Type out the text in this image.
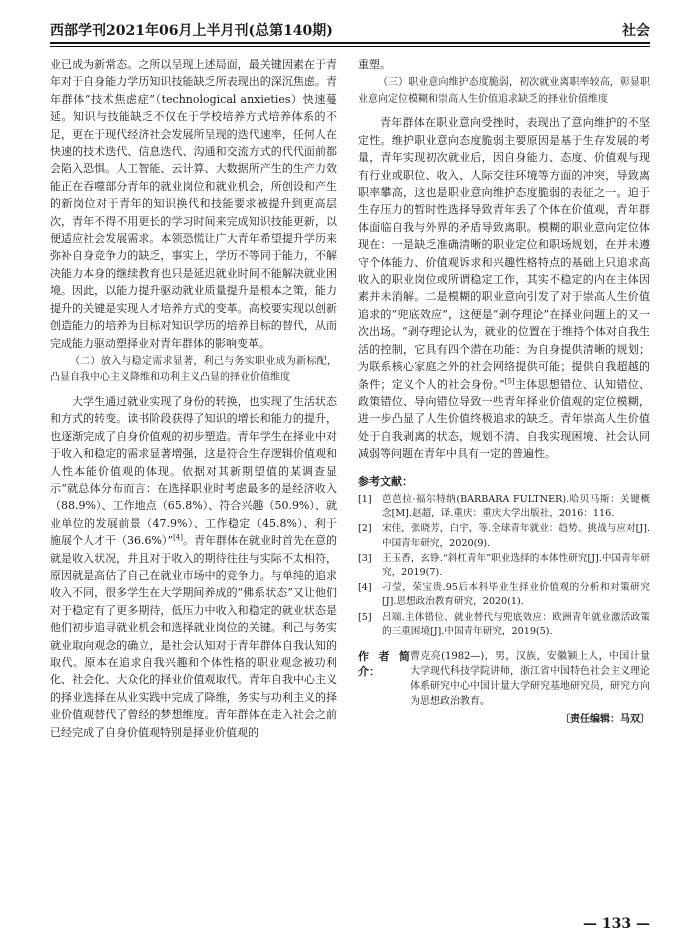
西部学刊2021年06月上半月刊(总第140期)	社会

业已成为新常态。之所以呈现上述局面，最关键因素在于青年对于自身能力学历知识技能缺乏所表现出的深沉焦虑。青年群体“技术焦虑症”（technological anxieties）快速蔓延。知识与技能缺乏不仅在于学校培养方式培养体系的不足，更在于现代经济社会发展所呈现的迭代速率，任何人在快速的技术迭代、信息迭代、沟通和交流方式的代代面前都会陷入恐惧。人工智能、云计算、大数据所产生的生产力效能正在吞噬部分青年的就业岗位和就业机会，所创设和产生的新岗位对于青年的知识换代和技能要求被提升到更高层次，青年不得不用更长的学习时间来完成知识技能更新，以便适应社会发展需求。本领恐慌让广大青年希望提升学历来弥补自身竞争力的缺乏，事实上，学历不等同于能力，不解决能力本身的继续教育也只是延迟就业时间不能解决就业困境。因此，以能力提升驱动就业质量提升是根本之策，能力提升的关键是实现人才培养方式的变革。高校要实现以创新创造能力的培养为目标对知识学历的培养目标的替代，从而完成能力驱动塑择业对青年群体的影响变革。

（二）放入与稳定需求显著，利己与务实职业成为新标配，凸显自我中心主义降维和功利主义凸显的择业价值维度

大学生通过就业实现了身份的转换，也实现了生活状态和方式的转变。读书阶段获得了知识的增长和能力的提升，也逐渐完成了自身价值观的初步塑造。青年学生在择业中对于收入和稳定的需求显著增强，这是符合生存逻辑价值观和人性本能价值观的体现。依据对其新期望值的某调查显示“就总体分布而言：在选择职业时考虑最多的是经济收入（88.9%）、工作地点（65.8%）、符合兴趣（50.9%）、就业单位的发展前景（47.9%）、工作稳定（45.8%）、利于施展个人才干（36.6%）”[4]。青年群体在就业时首先在意的就是收入状况，并且对于收入的期待往往与实际不太相符，原因就是高估了自己在就业市场中的竞争力。与单纯的追求收入不同，很多学生在大学期间养成的“佛系状态”又让他们对于稳定有了更多期待，低压力中收入和稳定的就业状态是他们初步追寻就业机会和选择就业岗位的关键。利己与务实就业取向观念的确立，是社会认知对于青年群体自我认知的取代。原本在追求自我兴趣和个体性格的职业观念被功利化、社会化、大众化的择业价值观取代。青年自我中心主义的择业选择在从业实践中完成了降维，务实与功利主义的择业价值观替代了曾经的梦想维度。青年群体在走入社会之前已经完成了自身价值观特别是择业价值观的

重塑。

（三）职业意向维护态度脆弱，初次就业离职率较高，彰显职业意向定位模糊和崇高人生价值追求缺乏的择业价值维度

青年群体在职业意向受挫时，表现出了意向维护的不坚定性。维护职业意向态度脆弱主要原因是基于生存发展的考量，青年实现初次就业后，因自身能力、态度、价值观与现有行业或职位、收入、人际交往环境等方面的冲突，导致离职率攀高，这也是职业意向维护态度脆弱的表征之一。迫于生存压力的暂时性选择导致青年丢了个体在价值观，青年群体面临自我与外界的矛盾导致离职。模糊的职业意向定位体现在：一是缺乏准确清晰的职业定位和职场规划，在并未遵守个体能力、价值观诉求和兴趣性格特点的基础上只追求高收入的职业岗位或所谓稳定工作，其实不稳定的内在主体因素并未消解。二是模糊的职业意向引发了对于崇高人生价值追求的“兜底效应”，这便是“剥夺理论”在择业问题上的又一次出场。“剥夺理论认为，就业的位置在于维持个体对自我生活的控制，它具有四个潜在功能：为自身提供清晰的规划；为联系核心家庭之外的社会网络提供可能；提供自我超越的条件；定义个人的社会身份。”[5]主体思想错位、认知错位、政策错位、导向错位导致一些青年择业价值观的定位模糊，进一步凸显了人生价值终极追求的缺乏。青年崇高人生价值处于自我剥离的状态，规划不清、自我实现困境、社会认同减弱等问题在青年中具有一定的普遍性。

参考文献：
[1]	芭芭拉·福尔特纳(BARBARA FULTNER).哈贝马斯：关键概念[M].赵超，译.重庆：重庆大学出版社，2016：116.
[2]	宋佳，张晓芳，白宇，等.全球青年就业：趋势、挑战与应对[J].中国青年研究，2020(9).
[3]	王玉香，玄铮.“斜杠青年”职业选择的本体性研究[J].中国青年研究，2019(7).
[4]	刁莹，荣宝贵.95后本科毕业生择业价值观的分析和对策研究[J].思想政治教育研究，2020(1).
[5]	吕端.主体错位、就业替代与兜底效应：欧洲青年就业激活政策的三重困境[J].中国青年研究，2019(5).
作者简介：
曹克亮(1982—)，男，汉族，安徽颍上人，中国计量大学现代科技学院讲师，浙江省中国特色社会主义理论体系研究中心中国计量大学研究基地研究员，研究方向为思想政治教育。
〔责任编辑：马双〕
— 133 —
